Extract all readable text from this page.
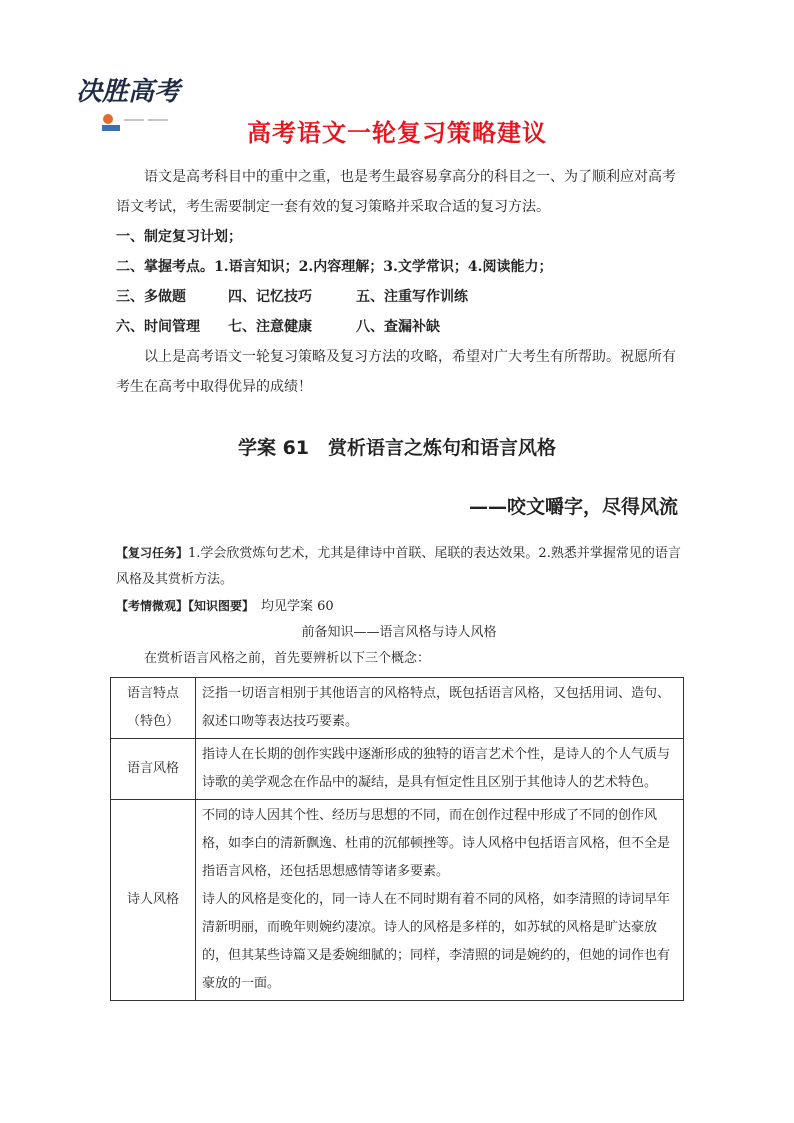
决胜高考
高考语文一轮复习策略建议

语文是高考科目中的重中之重，也是考生最容易拿高分的科目之一、为了顺利应对高考语文考试，考生需要制定一套有效的复习策略并采取合适的复习方法。

一、制定复习计划；

二、掌握考点。1.语言知识；2.内容理解；3.文学常识；4.阅读能力；

三、多做题	四、记忆技巧	五、注重写作训练

六、时间管理 七、注意健康	八、查漏补缺

以上是高考语文一轮复习策略及复习方法的攻略，希望对广大考生有所帮助。祝愿所有考生在高考中取得优异的成绩！

学案 61　赏析语言之炼句和语言风格
——咬文嚼字，尽得风流

【复习任务】1.学会欣赏炼句艺术，尤其是律诗中首联、尾联的表达效果。2.熟悉并掌握常见的语言风格及其赏析方法。

【考情微观】【知识图要】　 均见学案 60

前备知识——语言风格与诗人风格

在赏析语言风格之前，首先要辨析以下三个概念：

语言特点（特色）	泛指一切语言相别于其他语言的风格特点，既包括语言风格，又包括用词、造句、叙述口吻等表达技巧要素。
语言风格	指诗人在长期的创作实践中逐渐形成的独特的语言艺术个性，是诗人的个人气质与诗歌的美学观念在作品中的凝结，是具有恒定性且区别于其他诗人的艺术特色。
诗人风格	不同的诗人因其个性、经历与思想的不同，而在创作过程中形成了不同的创作风格，如李白的清新飘逸、杜甫的沉郁顿挫等。诗人风格中包括语言风格，但不全是指语言风格，还包括思想感情等诸多要素。
诗人的风格是变化的，同一诗人在不同时期有着不同的风格，如李清照的诗词早年清新明丽，而晚年则婉约凄凉。诗人的风格是多样的，如苏轼的风格是旷达豪放的，但其某些诗篇又是委婉细腻的；同样，李清照的词是婉约的，但她的词作也有豪放的一面。
